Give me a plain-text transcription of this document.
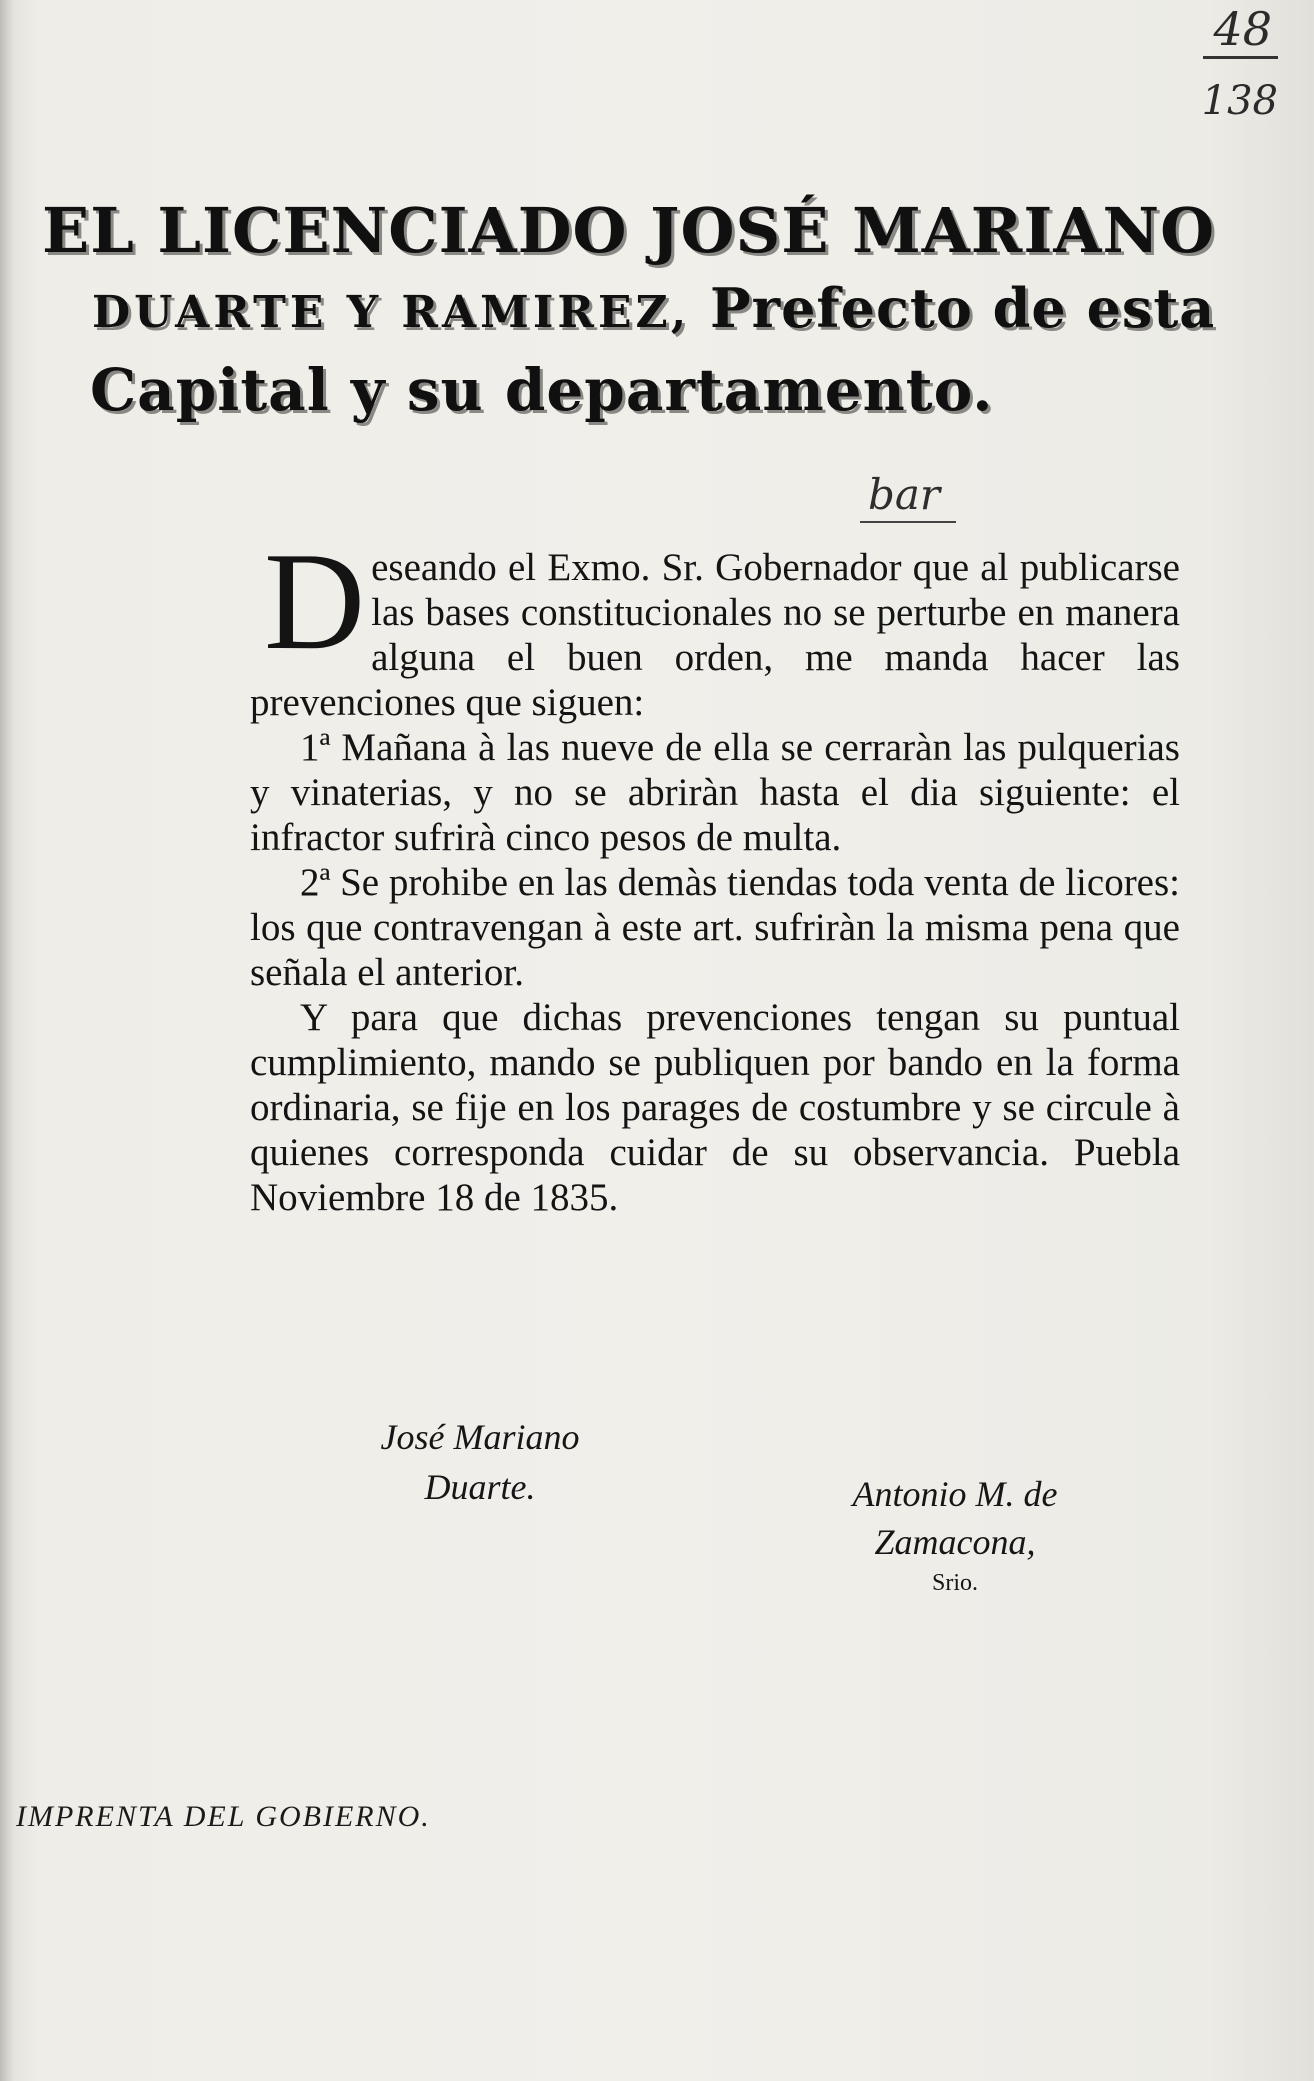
48
138
EL LICENCIADO JOSÉ MARIANO
DUARTE Y RAMIREZ, Prefecto de esta
Capital y su departamento.
bar

Deseando el Exmo. Sr. Gobernador que al publicarse las bases constitucionales no se perturbe en manera alguna el buen orden, me manda hacer las prevenciones que siguen:

1ª Mañana à las nueve de ella se cerraràn las pulquerias y vinaterias, y no se abriràn hasta el dia siguiente: el infractor sufrirà cinco pesos de multa.

2ª Se prohibe en las demàs tiendas toda venta de licores: los que contravengan à este art. sufriràn la misma pena que señala el anterior.

Y para que dichas prevenciones tengan su puntual cumplimiento, mando se publiquen por bando en la forma ordinaria, se fije en los parages de costumbre y se circule à quienes corresponda cuidar de su observancia. Puebla Noviembre 18 de 1835.

José Mariano
Duarte.	Antonio M. de
Zamacona,
Srio.
IMPRENTA DEL GOBIERNO.
